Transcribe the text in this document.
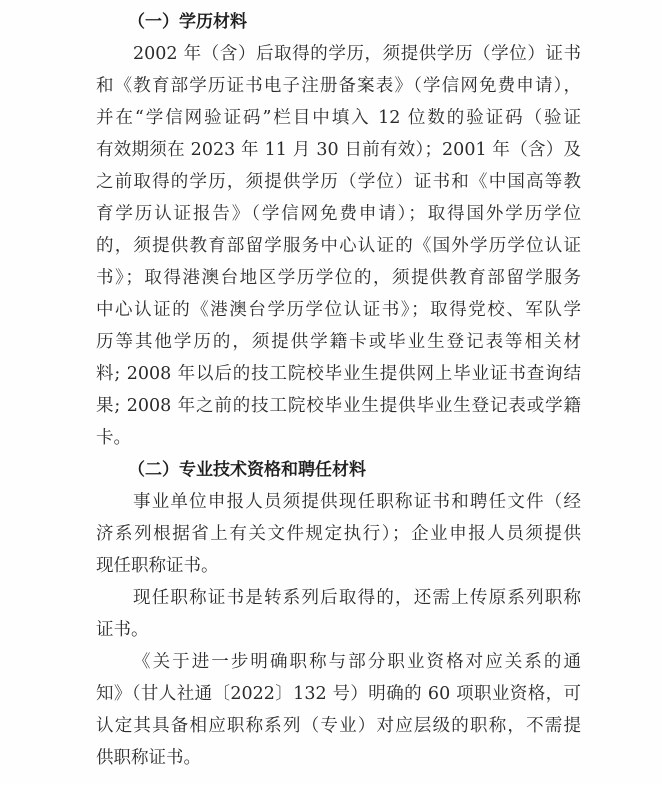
（一）学历材料
2002 年（含）后取得的学历，须提供学历（学位）证书
和《教育部学历证书电子注册备案表》（学信网免费申请），
并在“学信网验证码”栏目中填入 12 位数的验证码（验证
有效期须在 2023 年 11 月 30 日前有效）；2001 年（含）及
之前取得的学历，须提供学历（学位）证书和《中国高等教
育学历认证报告》（学信网免费申请）；取得国外学历学位
的，须提供教育部留学服务中心认证的《国外学历学位认证
书》；取得港澳台地区学历学位的，须提供教育部留学服务
中心认证的《港澳台学历学位认证书》；取得党校、军队学
历等其他学历的，须提供学籍卡或毕业生登记表等相关材
料; 2008 年以后的技工院校毕业生提供网上毕业证书查询结
果; 2008 年之前的技工院校毕业生提供毕业生登记表或学籍
卡。
（二）专业技术资格和聘任材料
事业单位申报人员须提供现任职称证书和聘任文件（经
济系列根据省上有关文件规定执行）；企业申报人员须提供
现任职称证书。
现任职称证书是转系列后取得的，还需上传原系列职称
证书。
《关于进一步明确职称与部分职业资格对应关系的通
知》（甘人社通〔2022〕132 号）明确的 60 项职业资格，可
认定其具备相应职称系列（专业）对应层级的职称，不需提
供职称证书。
